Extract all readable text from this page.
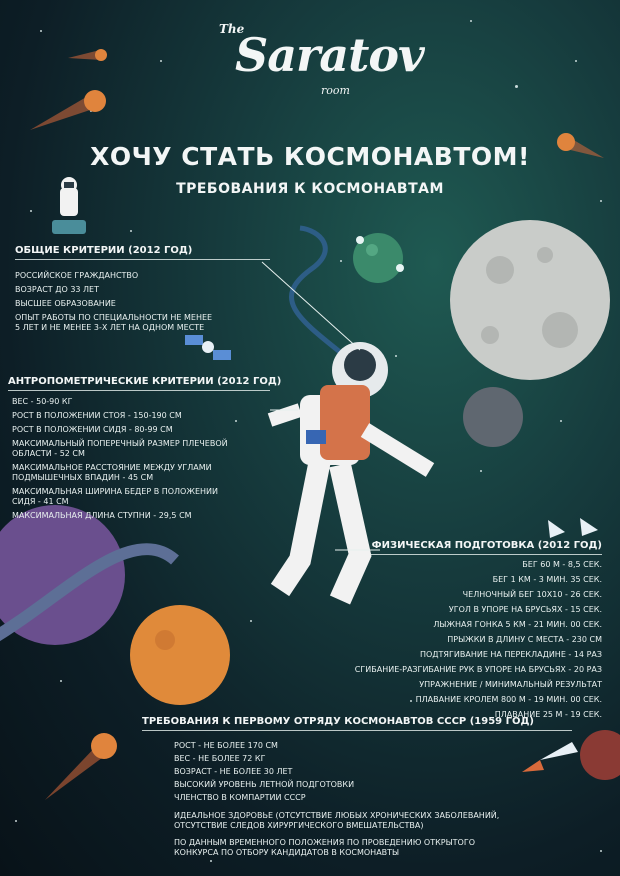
The
Saratov
room
ХОЧУ СТАТЬ КОСМОНАВТОМ!
ТРЕБОВАНИЯ К КОСМОНАВТАМ
ОБЩИЕ КРИТЕРИИ (2012 ГОД)
РОССИЙСКОЕ ГРАЖДАНСТВО
ВОЗРАСТ ДО 33 ЛЕТ
ВЫСШЕЕ ОБРАЗОВАНИЕ
ОПЫТ РАБОТЫ ПО СПЕЦИАЛЬНОСТИ НЕ МЕНЕЕ
5 ЛЕТ И НЕ МЕНЕЕ 3-Х ЛЕТ НА ОДНОМ МЕСТЕ
АНТРОПОМЕТРИЧЕСКИЕ КРИТЕРИИ (2012 ГОД)
ВЕС - 50-90 КГ
РОСТ В ПОЛОЖЕНИИ СТОЯ - 150-190 СМ
РОСТ В ПОЛОЖЕНИИ СИДЯ - 80-99 СМ
МАКСИМАЛЬНЫЙ ПОПЕРЕЧНЫЙ РАЗМЕР ПЛЕЧЕВОЙ
ОБЛАСТИ - 52 СМ
МАКСИМАЛЬНОЕ РАССТОЯНИЕ МЕЖДУ УГЛАМИ
ПОДМЫШЕЧНЫХ ВПАДИН - 45 СМ
МАКСИМАЛЬНАЯ ШИРИНА БЕДЕР В ПОЛОЖЕНИИ
СИДЯ - 41 СМ
МАКСИМАЛЬНАЯ ДЛИНА СТУПНИ - 29,5 СМ
ФИЗИЧЕСКАЯ ПОДГОТОВКА (2012 ГОД)
БЕГ 60 М - 8,5 СЕК.
БЕГ 1 КМ - 3 МИН. 35 СЕК.
ЧЕЛНОЧНЫЙ БЕГ 10Х10 - 26 СЕК.
УГОЛ В УПОРЕ НА БРУСЬЯХ - 15 СЕК.
ЛЫЖНАЯ ГОНКА 5 КМ - 21 МИН. 00 СЕК.
ПРЫЖКИ В ДЛИНУ С МЕСТА - 230 СМ
ПОДТЯГИВАНИЕ НА ПЕРЕКЛАДИНЕ - 14 РАЗ
СГИБАНИЕ-РАЗГИБАНИЕ РУК В УПОРЕ НА БРУСЬЯХ - 20 РАЗ
УПРАЖНЕНИЕ / МИНИМАЛЬНЫЙ РЕЗУЛЬТАТ
ПЛАВАНИЕ КРОЛЕМ 800 М - 19 МИН. 00 СЕК.
ПЛАВАНИЕ 25 М - 19 СЕК.
ТРЕБОВАНИЯ К ПЕРВОМУ ОТРЯДУ КОСМОНАВТОВ СССР (1959 ГОД)
РОСТ - НЕ БОЛЕЕ 170 СМ
ВЕС - НЕ БОЛЕЕ 72 КГ
ВОЗРАСТ - НЕ БОЛЕЕ 30 ЛЕТ
ВЫСОКИЙ УРОВЕНЬ ЛЕТНОЙ ПОДГОТОВКИ
ЧЛЕНСТВО В КОМПАРТИИ СССР
ИДЕАЛЬНОЕ ЗДОРОВЬЕ (ОТСУТСТВИЕ ЛЮБЫХ ХРОНИЧЕСКИХ ЗАБОЛЕВАНИЙ,
ОТСУТСТВИЕ СЛЕДОВ ХИРУРГИЧЕСКОГО ВМЕШАТЕЛЬСТВА)
ПО ДАННЫМ ВРЕМЕННОГО ПОЛОЖЕНИЯ ПО ПРОВЕДЕНИЮ ОТКРЫТОГО
КОНКУРСА ПО ОТБОРУ КАНДИДАТОВ В КОСМОНАВТЫ
